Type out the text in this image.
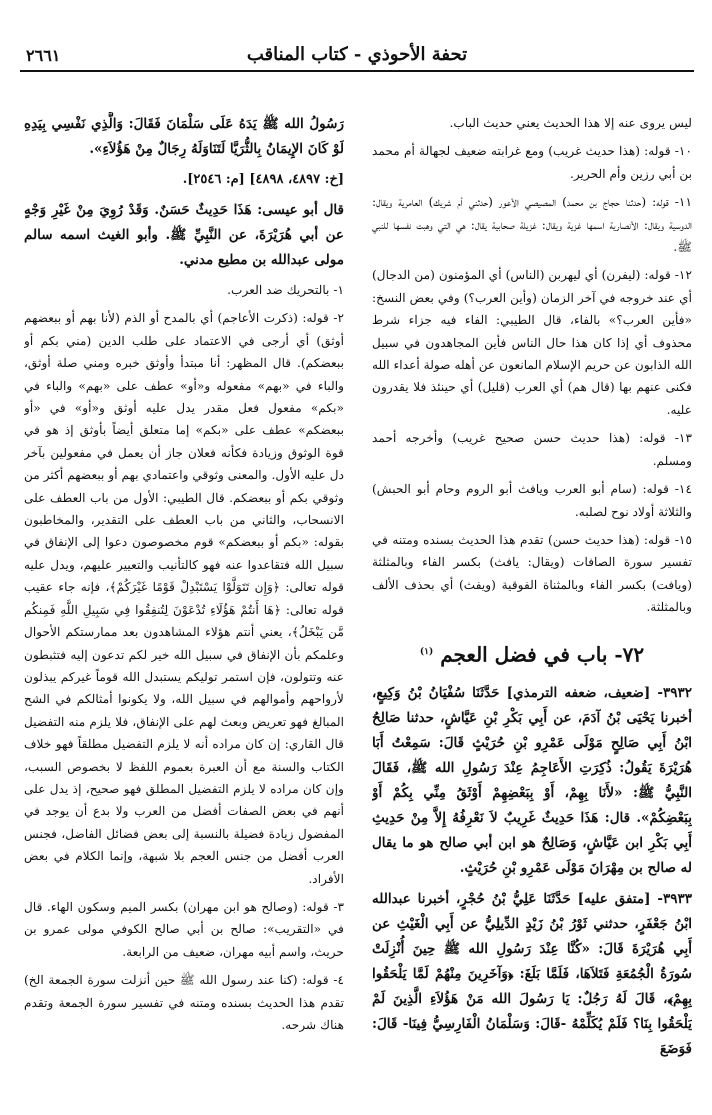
تحفة الأحوذي - كتاب المناقب
٢٦٦١

ليس يروى عنه إلا هذا الحديث يعني حديث الباب.

١٠- قوله: (هذا حديث غريب) ومع غرابته ضعيف لجهالة أم محمد بن أبي رزين وأم الحرير.

١١- قوله: (حدثنا حجاج بن محمد) المصيصي الأعور (حدثني أم شريك) العامرية ويقال: الدوسية ويقال: الأنصارية اسمها غزية ويقال: غزيلة صحابية يقال: هي التي وهبت نفسها للنبي ﷺ.

١٢- قوله: (ليفرن) أي ليهربن (الناس) أي المؤمنون (من الدجال) أي عند خروجه في آخر الزمان (وأين العرب؟) وفي بعض النسخ: «فأين العرب؟» بالفاء، قال الطيبي: الفاء فيه جزاء شرط محذوف أي إذا كان هذا حال الناس فأين المجاهدون في سبيل الله الذابون عن حريم الإسلام المانعون عن أهله صولة أعداء الله فكنى عنهم بها (قال هم) أي العرب (قليل) أي حينئذ فلا يقدرون عليه.

١٣- قوله: (هذا حديث حسن صحيح غريب) وأخرجه أحمد ومسلم.

١٤- قوله: (سام أبو العرب ويافث أبو الروم وحام أبو الحبش) والثلاثة أولاد نوح لصلبه.

١٥- قوله: (هذا حديث حسن) تقدم هذا الحديث بسنده ومتنه في تفسير سورة الصافات (ويقال: يافث) بكسر الفاء وبالمثلثة (ويافت) بكسر الفاء وبالمثناة الفوقية (ويفث) أي بحذف الألف وبالمثلثة.

٧٢- باب في فضل العجم $^{(١)}$

٣٩٣٢- [ضعيف، ضعفه الترمذي] حَدَّثَنَا سُفْيَانُ بْنُ وَكِيعٍ، أخبرنا يَحْيَى بْنُ آدَمَ، عن أَبِي بَكْرِ بْنِ عَيَّاشٍ، حدثنا صَالِحُ ابْنُ أَبِي صَالِحٍ مَوْلَى عَمْرِو بْنِ حُرَيْثٍ قَالَ: سَمِعْتُ أَبَا هُرَيْرَةَ يَقُولُ: ذُكِرَتِ الأَعَاجِمُ عِنْدَ رَسُولِ الله ﷺ، فَقَالَ النَّبِيُّ ﷺ: «لأَنَا بِهِمْ، أَوْ بِبَعْضِهِمْ أَوْثَقُ مِنِّي بِكُمْ أَوْ بِبَعْضِكُمْ». قال: هَذَا حَدِيثٌ غَرِيبٌ لاَ نَعْرِفُهُ إِلاَّ مِنْ حَدِيثِ أَبِي بَكْرِ ابن عَيَّاشٍ، وَصَالِحٌ هو ابن أبي صالح هو ما يقال له صالح بن مِهْرَانَ مَوْلَى عَمْرِو بْنِ حُرَيْثٍ.

٣٩٣٣- [متفق عليه] حَدَّثَنَا عَلِيُّ بْنُ حُجْرٍ، أخبرنا عبدالله ابْنُ جَعْفَرٍ، حدثني ثَوْرُ بْنُ زَيْدٍ الدِّيلِيُّ عن أَبِي الْغَيْثِ عن أَبِي هُرَيْرَةَ قَالَ: «كُنَّا عِنْدَ رَسُولِ الله ﷺ حِينَ أُنْزِلَتْ سُورَةُ الْجُمُعَةِ فَتَلاَهَا، فَلَمَّا بَلَغَ: ﴿وَآخَرِينَ مِنْهُمْ لَمَّا يَلْحَقُوا بِهِمْ﴾، قَالَ لَهُ رَجُلٌ: يَا رَسُولَ الله مَنْ هَؤُلاَءِ الَّذِينَ لَمْ يَلْحَقُوا بِنَا؟ فَلَمْ يُكَلِّمْهُ -قَالَ: وَسَلْمَانُ الْفَارِسِيُّ فِينَا- قَالَ: فَوَضَعَ

رَسُولُ الله ﷺ يَدَهُ عَلَى سَلْمَانَ فَقَالَ: وَالَّذِي نَفْسِي بِيَدِهِ لَوْ كَانَ الإِيمَانُ بِالثُّرَيَّا لَتَنَاوَلَهُ رِجَالٌ مِنْ هَؤُلاَءِ».

[خ: ٤٨٩٧، ٤٨٩٨] [م: ٢٥٤٦].

قال أبو عيسى: هَذَا حَدِيثٌ حَسَنٌ. وَقَدْ رُوِيَ مِنْ غَيْرِ وَجْهٍ عن أبي هُرَيْرَةَ، عن النَّبِيِّ ﷺ. وأبو الغيث اسمه سالم مولى عبدالله بن مطيع مدني.

١- بالتحريك ضد العرب.

٢- قوله: (ذكرت الأعاجم) أي بالمدح أو الذم (لأنا بهم أو ببعضهم أوثق) أي أرجى في الاعتماد على طلب الدين (مني بكم أو ببعضكم). قال المظهر: أنا مبتدأ وأوثق خبره ومني صلة أوثق، والباء في «بهم» مفعوله و«أو» عطف على «بهم» والباء في «بكم» مفعول فعل مقدر يدل عليه أوثق و«أو» في «أو ببعضكم» عطف على «بكم» إما متعلق أيضاً بأوثق إذ هو في قوة الوثوق وزيادة فكأنه فعلان جاز أن يعمل في مفعولين بآخر دل عليه الأول. والمعنى وثوقي واعتمادي بهم أو ببعضهم أكثر من وثوقي بكم أو ببعضكم. قال الطيبي: الأول من باب العطف على الانسحاب، والثاني من باب العطف على التقدير، والمخاطبون بقوله: «بكم أو ببعضكم» قوم مخصوصون دعوا إلى الإنفاق في سبيل الله فتقاعدوا عنه فهو كالتأنيب والتعيير عليهم، ويدل عليه قوله تعالى: ﴿وَإِن تَتَوَلَّوْا يَسْتَبْدِلْ قَوْمًا غَيْرَكُمْ﴾، فإنه جاء عقيب قوله تعالى: ﴿هَا أَنتُمْ هَؤُلَاءِ تُدْعَوْنَ لِتُنفِقُوا فِي سَبِيلِ اللَّهِ فَمِنكُم مَّن يَبْخَلُ﴾، يعني أنتم هؤلاء المشاهدون بعد ممارستكم الأحوال وعلمكم بأن الإنفاق في سبيل الله خير لكم تدعون إليه فتثبطون عنه وتتولون، فإن استمر توليكم يستبدل الله قوماً غيركم يبذلون لأرواحهم وأموالهم في سبيل الله، ولا يكونوا أمثالكم في الشح المبالغ فهو تعريض وبعث لهم على الإنفاق، فلا يلزم منه التفضيل قال القاري: إن كان مراده أنه لا يلزم التفضيل مطلقاً فهو خلاف الكتاب والسنة مع أن العبرة بعموم اللفظ لا بخصوص السبب، وإن كان مراده لا يلزم التفضيل المطلق فهو صحيح، إذ يدل على أنهم في بعض الصفات أفضل من العرب ولا بدع أن يوجد في المفضول زيادة فضيلة بالنسبة إلى بعض فضائل الفاضل، فجنس العرب أفضل من جنس العجم بلا شبهة، وإنما الكلام في بعض الأفراد.

٣- قوله: (وصالح هو ابن مهران) بكسر الميم وسكون الهاء. قال في «التقريب»: صالح بن أبي صالح الكوفي مولى عمرو بن حريث، واسم أبيه مهران، ضعيف من الرابعة.

٤- قوله: (كنا عند رسول الله ﷺ حين أنزلت سورة الجمعة الخ) تقدم هذا الحديث بسنده ومتنه في تفسير سورة الجمعة وتقدم هناك شرحه.
